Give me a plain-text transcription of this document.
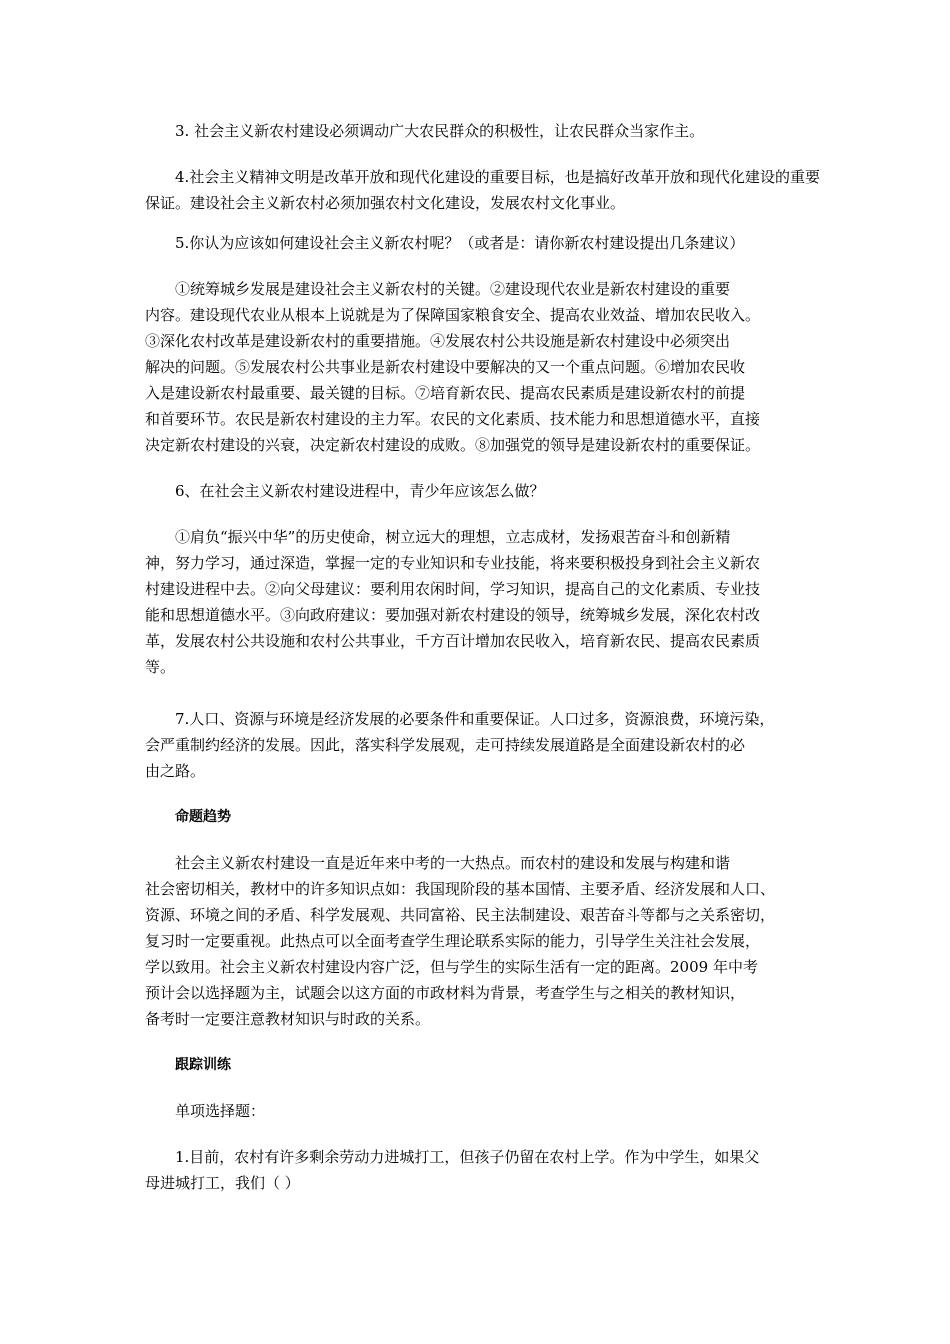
3. 社会主义新农村建设必须调动广大农民群众的积极性，让农民群众当家作主。

4.社会主义精神文明是改革开放和现代化建设的重要目标，也是搞好改革开放和现代化建设的重要保证。建设社会主义新农村必须加强农村文化建设，发展农村文化事业。

5.你认为应该如何建设社会主义新农村呢？（或者是：请你新农村建设提出几条建议）

①统筹城乡发展是建设社会主义新农村的关键。②建设现代农业是新农村建设的重要
内容。建设现代农业从根本上说就是为了保障国家粮食安全、提高农业效益、增加农民收入。
③深化农村改革是建设新农村的重要措施。④发展农村公共设施是新农村建设中必须突出
解决的问题。⑤发展农村公共事业是新农村建设中要解决的又一个重点问题。⑥增加农民收
入是建设新农村最重要、最关键的目标。⑦培育新农民、提高农民素质是建设新农村的前提
和首要环节。农民是新农村建设的主力军。农民的文化素质、技术能力和思想道德水平，直接
决定新农村建设的兴衰，决定新农村建设的成败。⑧加强党的领导是建设新农村的重要保证。

6、在社会主义新农村建设进程中，青少年应该怎么做？

①肩负“振兴中华”的历史使命，树立远大的理想，立志成材，发扬艰苦奋斗和创新精
神，努力学习，通过深造，掌握一定的专业知识和专业技能，将来要积极投身到社会主义新农
村建设进程中去。②向父母建议：要利用农闲时间，学习知识，提高自己的文化素质、专业技
能和思想道德水平。③向政府建议：要加强对新农村建设的领导，统筹城乡发展，深化农村改
革，发展农村公共设施和农村公共事业，千方百计增加农民收入，培育新农民、提高农民素质
等。

7.人口、资源与环境是经济发展的必要条件和重要保证。人口过多，资源浪费，环境污染，
会严重制约经济的发展。因此，落实科学发展观，走可持续发展道路是全面建设新农村的必
由之路。

命题趋势

社会主义新农村建设一直是近年来中考的一大热点。而农村的建设和发展与构建和谐
社会密切相关，教材中的许多知识点如：我国现阶段的基本国情、主要矛盾、经济发展和人口、
资源、环境之间的矛盾、科学发展观、共同富裕、民主法制建设、艰苦奋斗等都与之关系密切，
复习时一定要重视。此热点可以全面考查学生理论联系实际的能力，引导学生关注社会发展，
学以致用。社会主义新农村建设内容广泛，但与学生的实际生活有一定的距离。2009 年中考
预计会以选择题为主，试题会以这方面的市政材料为背景，考查学生与之相关的教材知识，
备考时一定要注意教材知识与时政的关系。

跟踪训练

单项选择题：

1.目前，农村有许多剩余劳动力进城打工，但孩子仍留在农村上学。作为中学生，如果父
母进城打工，我们（ ）
